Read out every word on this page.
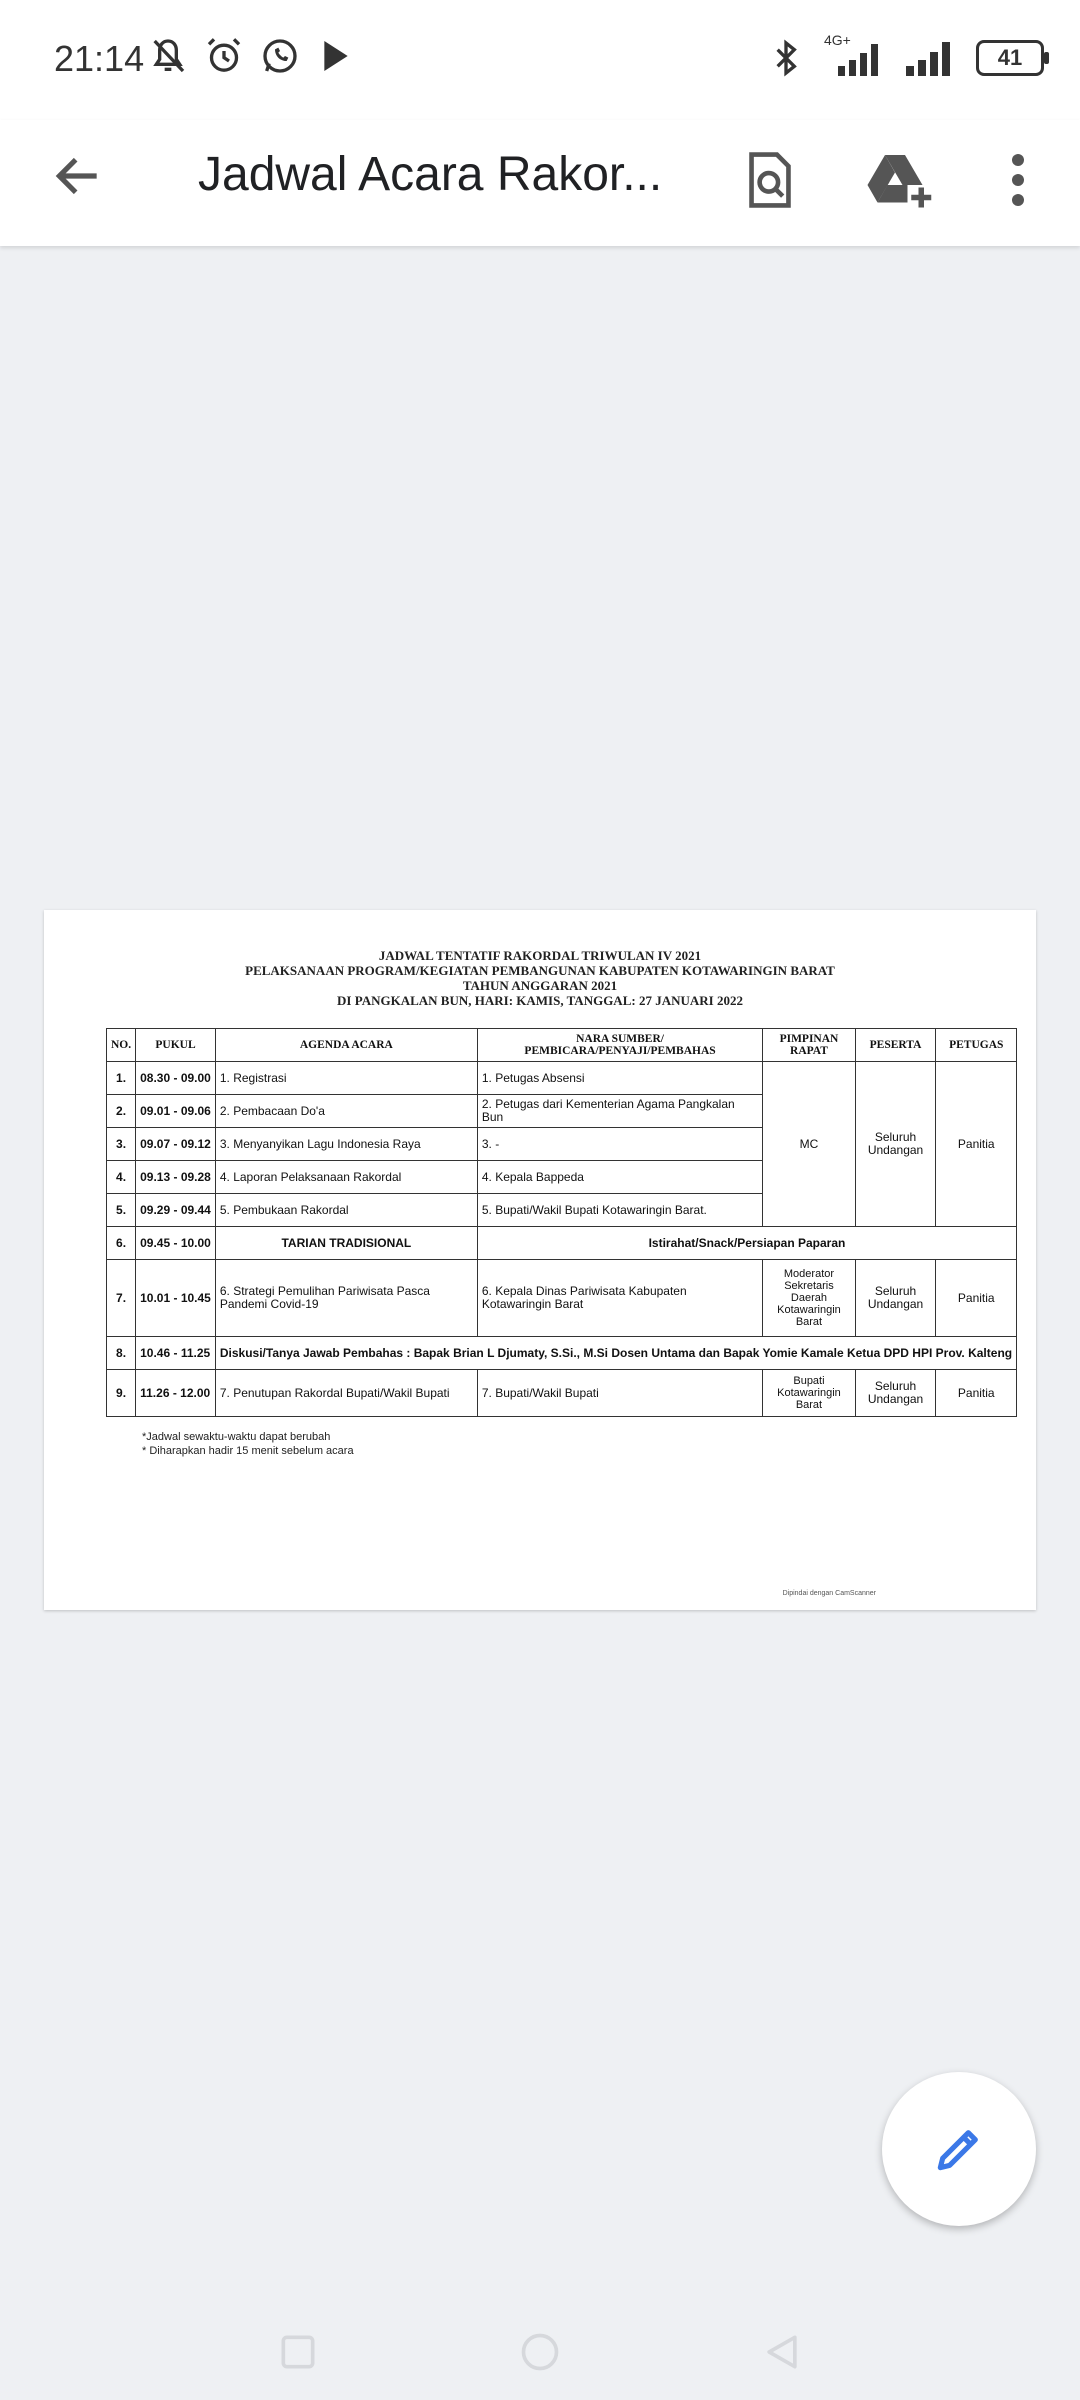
21:14	4G+
41
Jadwal Acara Rakor...
JADWAL TENTATIF RAKORDAL TRIWULAN IV 2021
PELAKSANAAN PROGRAM/KEGIATAN PEMBANGUNAN KABUPATEN KOTAWARINGIN BARAT
TAHUN ANGGARAN 2021
DI PANGKALAN BUN, HARI: KAMIS, TANGGAL: 27 JANUARI 2022
NO.	PUKUL	AGENDA ACARA	NARA SUMBER/ PEMBICARA/PENYAJI/PEMBAHAS	PIMPINAN RAPAT	PESERTA	PETUGAS
1.	08.30 - 09.00	1. Registrasi	1. Petugas Absensi	MC	Seluruh Undangan	Panitia
2.	09.01 - 09.06	2. Pembacaan Do'a	2. Petugas dari Kementerian Agama Pangkalan Bun			
3.	09.07 - 09.12	3. Menyanyikan Lagu Indonesia Raya	3. -			
4.	09.13 - 09.28	4. Laporan Pelaksanaan Rakordal	4. Kepala Bappeda			
5.	09.29 - 09.44	5. Pembukaan Rakordal	5. Bupati/Wakil Bupati Kotawaringin Barat.			
6.	09.45 - 10.00	TARIAN TRADISIONAL	Istirahat/Snack/Persiapan Paparan			
7.	10.01 - 10.45	6. Strategi Pemulihan Pariwisata Pasca Pandemi Covid-19	6. Kepala Dinas Pariwisata Kabupaten Kotawaringin Barat	Moderator Sekretaris Daerah Kotawaringin Barat	Seluruh Undangan	Panitia
8.	10.46 - 11.25	Diskusi/Tanya Jawab Pembahas : Bapak Brian L Djumaty, S.Si., M.Si Dosen Untama dan Bapak Yomie Kamale Ketua DPD HPI Prov. Kalteng				
9.	11.26 - 12.00	7. Penutupan Rakordal Bupati/Wakil Bupati	7. Bupati/Wakil Bupati	Bupati Kotawaringin Barat	Seluruh Undangan	Panitia
*Jadwal sewaktu-waktu dapat berubah
* Diharapkan hadir 15 menit sebelum acara
Dipindai dengan CamScanner
